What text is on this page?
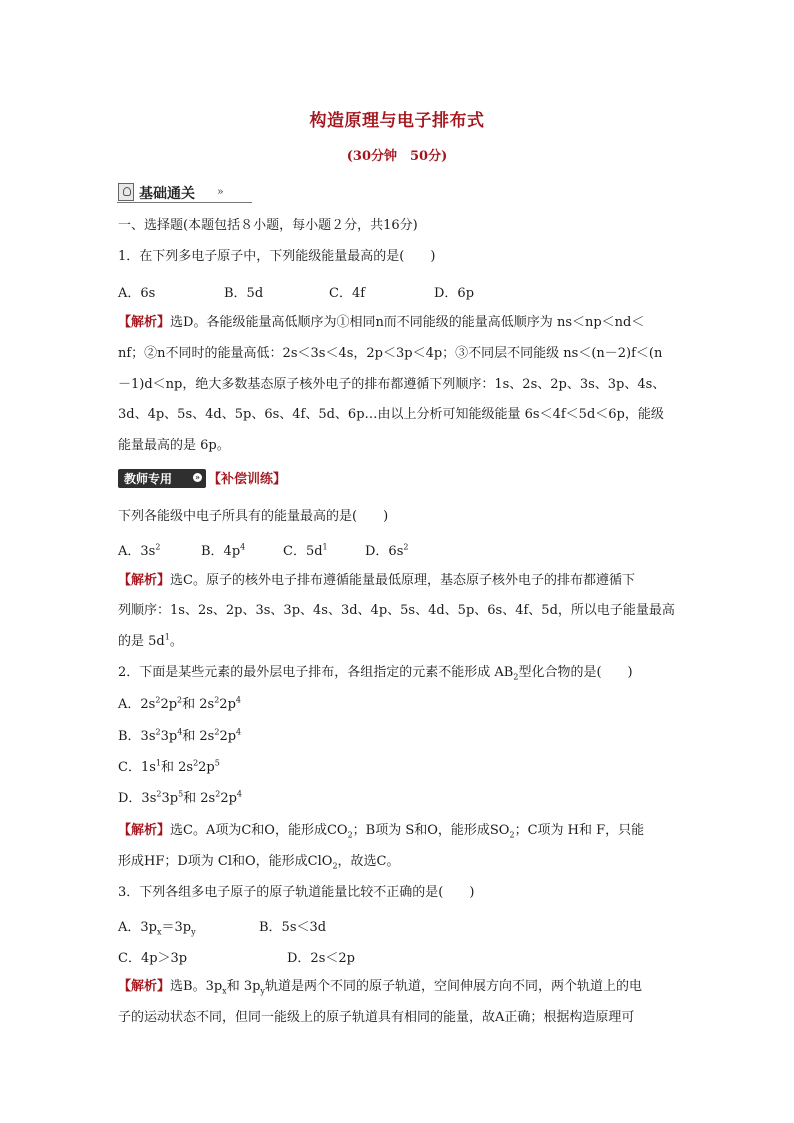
构造原理与电子排布式
(30分钟　50分)
基础通关 »
一、选择题(本题包括８小题，每小题２分，共16分)
1．在下列多电子原子中，下列能级能量最高的是(　　)
A．6s	B．5d	C．4f	D．6p
【解析】选D。各能级能量高低顺序为①相同n而不同能级的能量高低顺序为 ns＜np＜nd＜
nf；②n不同时的能量高低：2s＜3s＜4s，2p＜3p＜4p；③不同层不同能级 ns＜(n－2)f＜(n
－1)d＜np，绝大多数基态原子核外电子的排布都遵循下列顺序：1s、2s、2p、3s、3p、4s、
3d、4p、5s、4d、5p、6s、4f、5d、6p…由以上分析可知能级能量 6s＜4f＜5d＜6p，能级
能量最高的是 6p。
教师专用	» 【补偿训练】
下列各能级中电子所具有的能量最高的是(　　)
A．$3s^2$	B．$4p^4$	C．$5d^1$	D．$6s^2$
【解析】选C。原子的核外电子排布遵循能量最低原理，基态原子核外电子的排布都遵循下
列顺序：1s、2s、2p、3s、3p、4s、3d、4p、5s、4d、5p、6s、4f、5d，所以电子能量最高
的是 $5d^1$。
2．下面是某些元素的最外层电子排布，各组指定的元素不能形成 $AB_2$型化合物的是(　　)
A．$2s^22p^2$和 $2s^22p^4$
B．$3s^23p^4$和 $2s^22p^4$
C．$1s^1$和 $2s^22p^5$
D．$3s^23p^5$和 $2s^22p^4$
【解析】选C。A项为C和O，能形成$CO_2$；B项为 S和O，能形成$SO_2$；C项为 H和 F，只能
形成HF；D项为 Cl和O，能形成ClO$_2$，故选C。
3．下列各组多电子原子的原子轨道能量比较不正确的是(　　)
A．$3p_x=3p_y$	B．5s＜3d
C．4p＞3p	D．2s＜2p
【解析】选B。$3p_x$和 $3p_y$轨道是两个不同的原子轨道，空间伸展方向不同，两个轨道上的电
子的运动状态不同，但同一能级上的原子轨道具有相同的能量，故A正确；根据构造原理可
